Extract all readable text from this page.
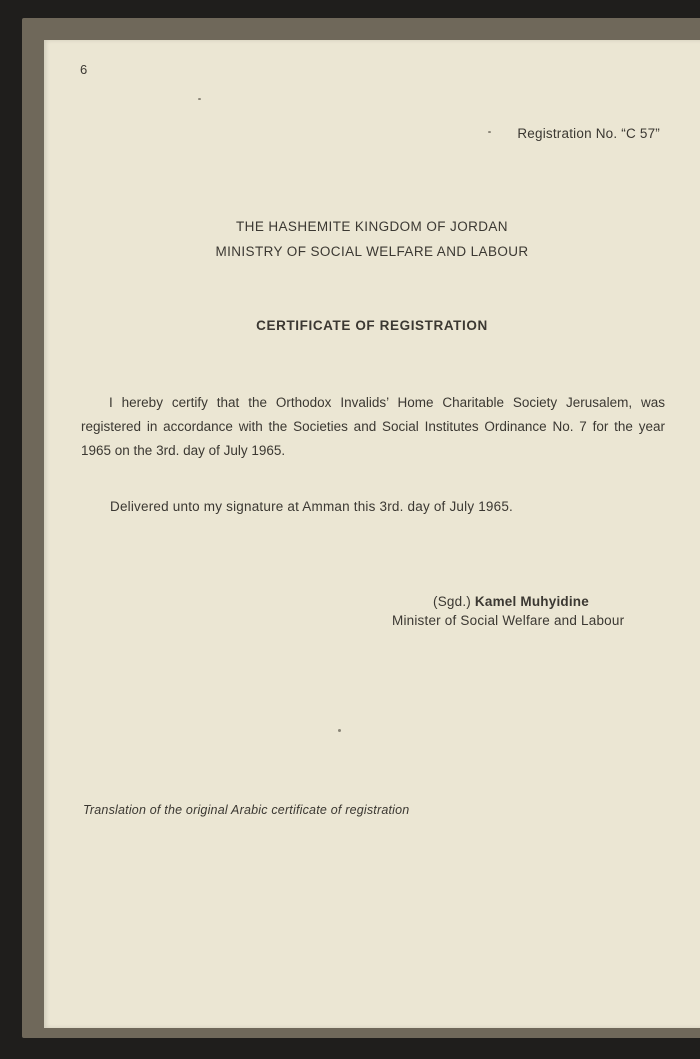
6
Registration No. “C 57”
THE HASHEMITE KINGDOM OF JORDAN
MINISTRY OF SOCIAL WELFARE AND LABOUR
CERTIFICATE OF REGISTRATION
I hereby certify that the Orthodox Invalids’ Home Charitable Society Jerusalem, was registered in accordance with the Societies and Social Institutes Ordinance No. 7 for the year 1965 on the 3rd. day of July 1965.
Delivered unto my signature at Amman this 3rd. day of July 1965.
(Sgd.) Kamel Muhyidine
Minister of Social Welfare and Labour
Translation of the original Arabic certificate of registration
